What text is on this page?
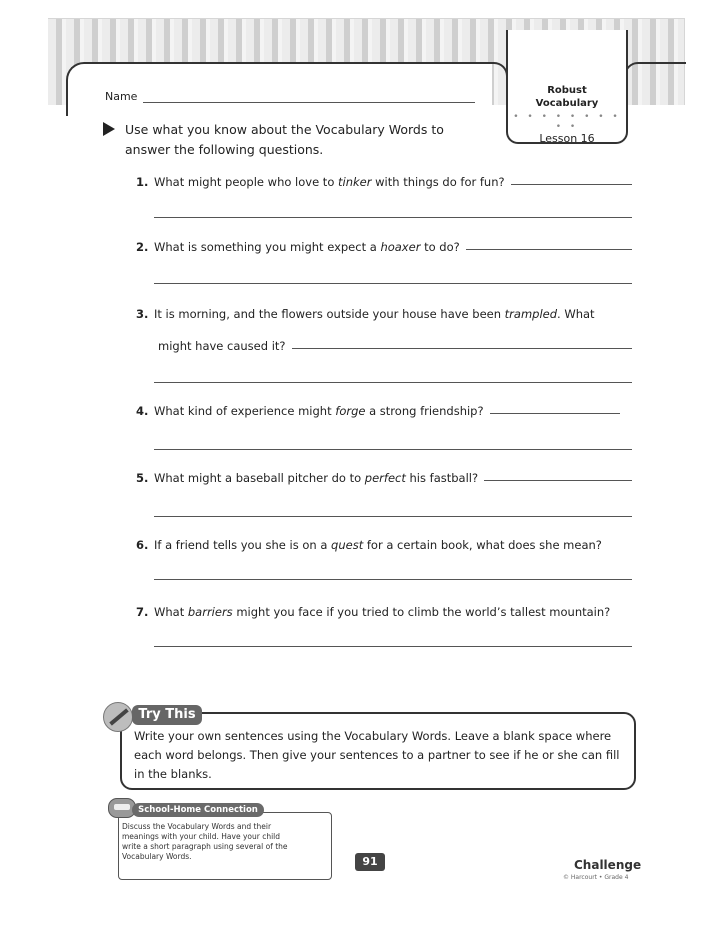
Robust
Vocabulary
• • • • • • • • • •
Lesson 16
Name
Use what you know about the Vocabulary Words to
answer the following questions.
1. What might people who love to tinker with things do for fun?
2. What is something you might expect a hoaxer to do?
3. It is morning, and the flowers outside your house have been trampled. What
might have caused it?
4. What kind of experience might forge a strong friendship?
5. What might a baseball pitcher do to perfect his fastball?
6. If a friend tells you she is on a quest for a certain book, what does she mean?
7. What barriers might you face if you tried to climb the world’s tallest mountain?
Try This
Write your own sentences using the Vocabulary Words. Leave a blank space where
each word belongs. Then give your sentences to a partner to see if he or she can fill
in the blanks.
School-Home Connection
Discuss the Vocabulary Words and their
meanings with your child. Have your child
write a short paragraph using several of the
Vocabulary Words.	91	Challenge
© Harcourt • Grade 4
